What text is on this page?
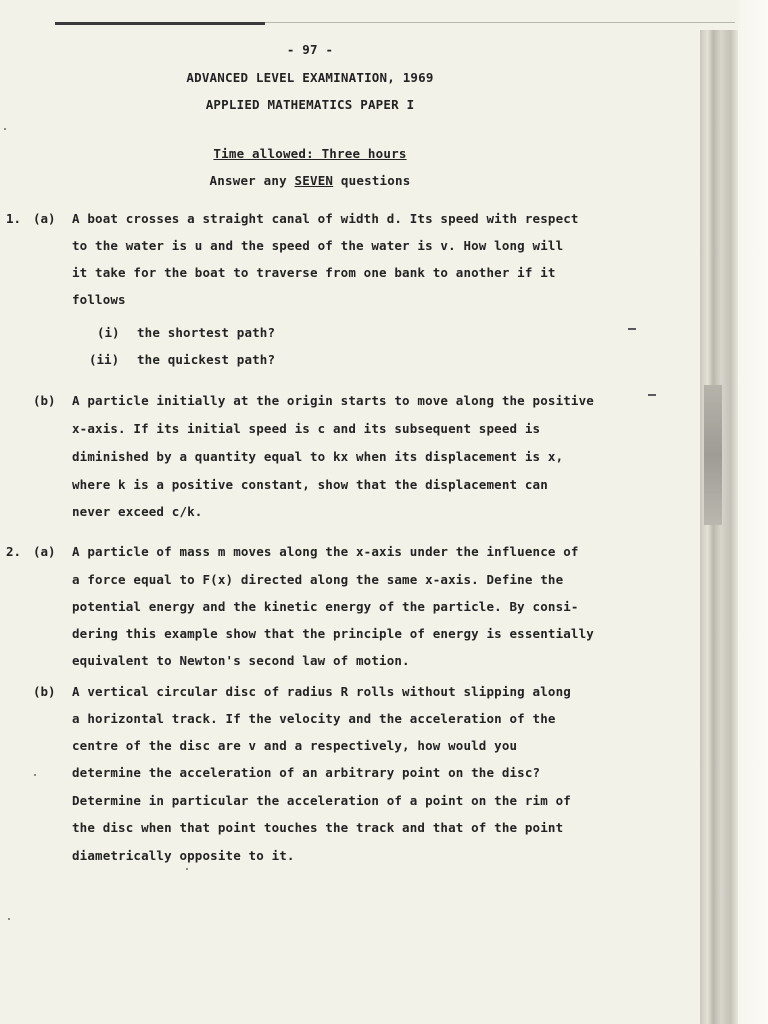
- 97 -
ADVANCED LEVEL EXAMINATION, 1969
APPLIED MATHEMATICS PAPER I
Time allowed: Three hours
Answer any SEVEN questions
1. (a) A boat crosses a straight canal of width d. Its speed with respect
to the water is u and the speed of the water is v. How long will
it take for the boat to traverse from one bank to another if it
follows
(i) the shortest path?
(ii) the quickest path?
(b) A particle initially at the origin starts to move along the positive
x-axis. If its initial speed is c and its subsequent speed is
diminished by a quantity equal to kx when its displacement is x,
where k is a positive constant, show that the displacement can
never exceed c/k.
2. (a) A particle of mass m moves along the x-axis under the influence of
a force equal to F(x) directed along the same x-axis. Define the
potential energy and the kinetic energy of the particle. By consi-
dering this example show that the principle of energy is essentially
equivalent to Newton's second law of motion.
(b) A vertical circular disc of radius R rolls without slipping along
a horizontal track. If the velocity and the acceleration of the
centre of the disc are v and a respectively, how would you
determine the acceleration of an arbitrary point on the disc?
Determine in particular the acceleration of a point on the rim of
the disc when that point touches the track and that of the point
diametrically opposite to it.
